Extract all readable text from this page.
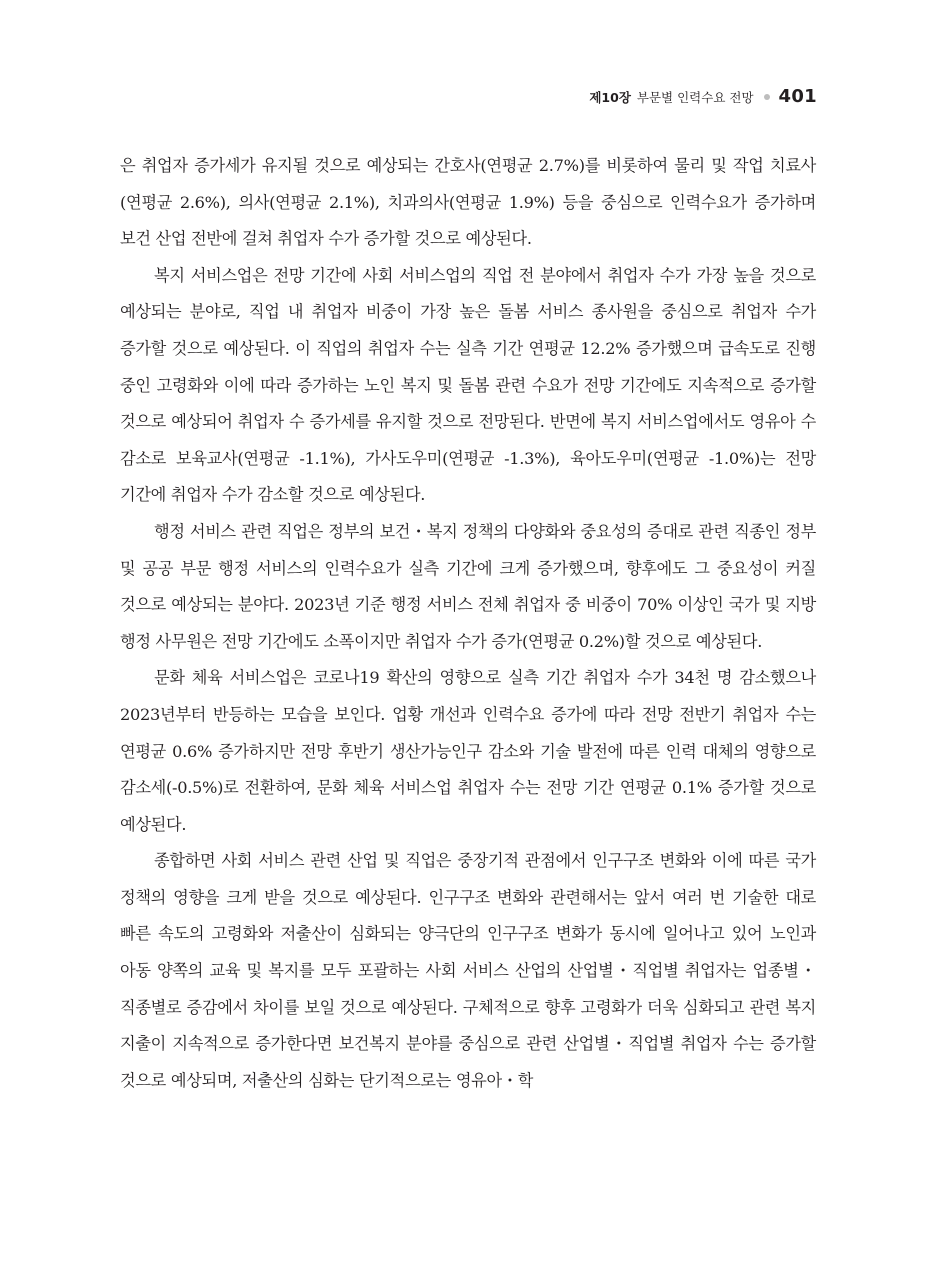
제10장 부문별 인력수요 전망 401

은 취업자 증가세가 유지될 것으로 예상되는 간호사(연평균 2.7%)를 비롯하여 물리 및 작업 치료사(연평균 2.6%), 의사(연평균 2.1%), 치과의사(연평균 1.9%) 등을 중심으로 인력수요가 증가하며 보건 산업 전반에 걸쳐 취업자 수가 증가할 것으로 예상된다.

복지 서비스업은 전망 기간에 사회 서비스업의 직업 전 분야에서 취업자 수가 가장 높을 것으로 예상되는 분야로, 직업 내 취업자 비중이 가장 높은 돌봄 서비스 종사원을 중심으로 취업자 수가 증가할 것으로 예상된다. 이 직업의 취업자 수는 실측 기간 연평균 12.2% 증가했으며 급속도로 진행 중인 고령화와 이에 따라 증가하는 노인 복지 및 돌봄 관련 수요가 전망 기간에도 지속적으로 증가할 것으로 예상되어 취업자 수 증가세를 유지할 것으로 전망된다. 반면에 복지 서비스업에서도 영유아 수 감소로 보육교사(연평균 -1.1%), 가사도우미(연평균 -1.3%), 육아도우미(연평균 -1.0%)는 전망 기간에 취업자 수가 감소할 것으로 예상된다.

행정 서비스 관련 직업은 정부의 보건・복지 정책의 다양화와 중요성의 증대로 관련 직종인 정부 및 공공 부문 행정 서비스의 인력수요가 실측 기간에 크게 증가했으며, 향후에도 그 중요성이 커질 것으로 예상되는 분야다. 2023년 기준 행정 서비스 전체 취업자 중 비중이 70% 이상인 국가 및 지방 행정 사무원은 전망 기간에도 소폭이지만 취업자 수가 증가(연평균 0.2%)할 것으로 예상된다.

문화 체육 서비스업은 코로나19 확산의 영향으로 실측 기간 취업자 수가 34천 명 감소했으나 2023년부터 반등하는 모습을 보인다. 업황 개선과 인력수요 증가에 따라 전망 전반기 취업자 수는 연평균 0.6% 증가하지만 전망 후반기 생산가능인구 감소와 기술 발전에 따른 인력 대체의 영향으로 감소세(-0.5%)로 전환하여, 문화 체육 서비스업 취업자 수는 전망 기간 연평균 0.1% 증가할 것으로 예상된다.

종합하면 사회 서비스 관련 산업 및 직업은 중장기적 관점에서 인구구조 변화와 이에 따른 국가 정책의 영향을 크게 받을 것으로 예상된다. 인구구조 변화와 관련해서는 앞서 여러 번 기술한 대로 빠른 속도의 고령화와 저출산이 심화되는 양극단의 인구구조 변화가 동시에 일어나고 있어 노인과 아동 양쪽의 교육 및 복지를 모두 포괄하는 사회 서비스 산업의 산업별・직업별 취업자는 업종별・직종별로 증감에서 차이를 보일 것으로 예상된다. 구체적으로 향후 고령화가 더욱 심화되고 관련 복지 지출이 지속적으로 증가한다면 보건복지 분야를 중심으로 관련 산업별・직업별 취업자 수는 증가할 것으로 예상되며, 저출산의 심화는 단기적으로는 영유아・학
